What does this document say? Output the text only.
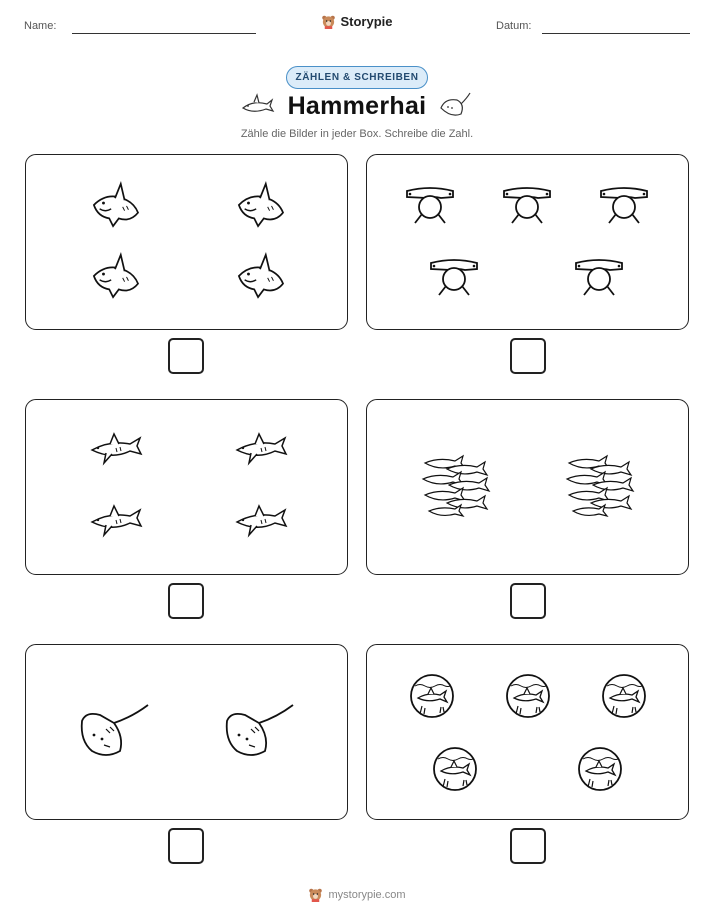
Name:	Datum:
Storypie
ZÄHLEN & SCHREIBEN
Hammerhai
Zähle die Bilder in jeder Box. Schreibe die Zahl.
mystorypie.com
